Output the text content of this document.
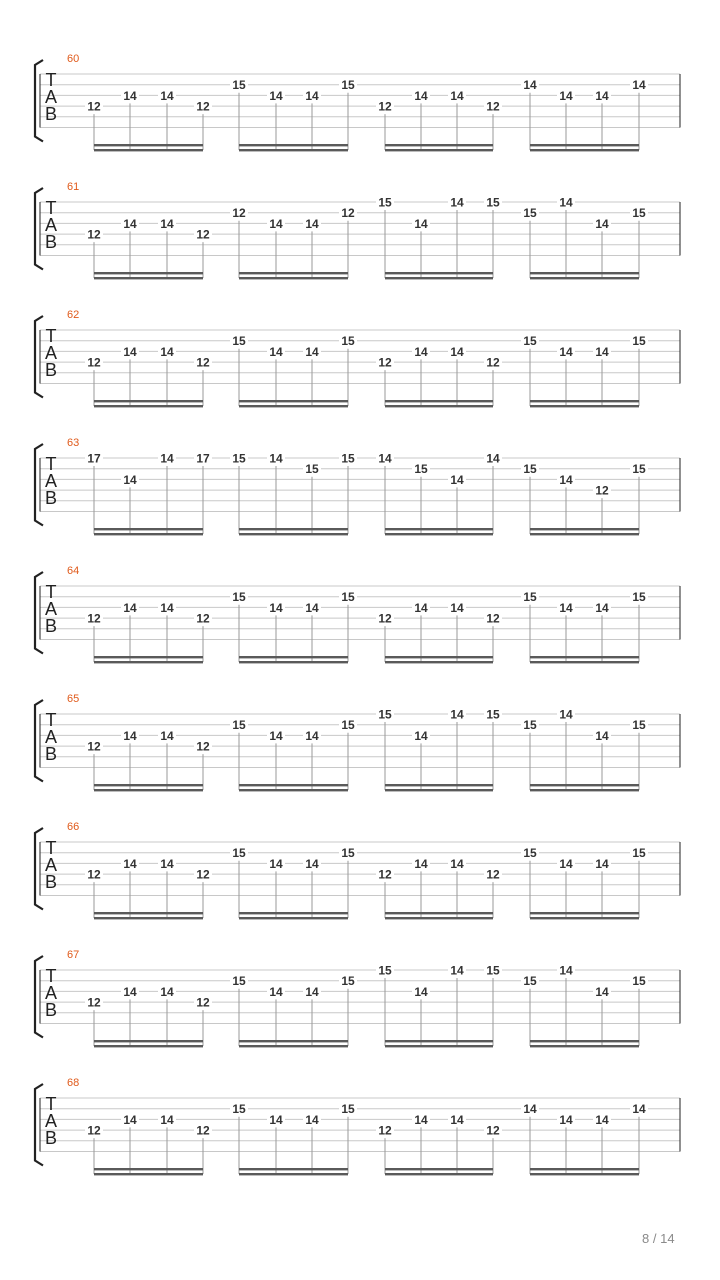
T
A
B
60
12
14 14
12
15
14 14
15
12
14 14
12
14
14 14
14
T
A
B
61
12
14 14
12
12
14 14
12
15
14
14 15
15
14
14
15
T
A
B
62
12
14 14
12
15
14 14
15
12
14 14
12
15
14 14
15
T
A
B
63
17
14
14 17 15 14
15
15 14
15
14
14
15
14
12
15
T
A
B
64
12
14 14
12
15
14 14
15
12
14 14
12
15
14 14
15
T
A
B
65
12
14 14
12
15
14 14
15
15
14
14 15
15
14
14
15
T
A
B
66
12
14 14
12
15
14 14
15
12
14 14
12
15
14 14
15
T
A
B
67
12
14 14
12
15
14 14
15
15
14
14 15
15
14
14
15
T
A
B
68
12
14 14
12
15
14 14
15
12
14 14
12
14
14 14
14
8 / 14
